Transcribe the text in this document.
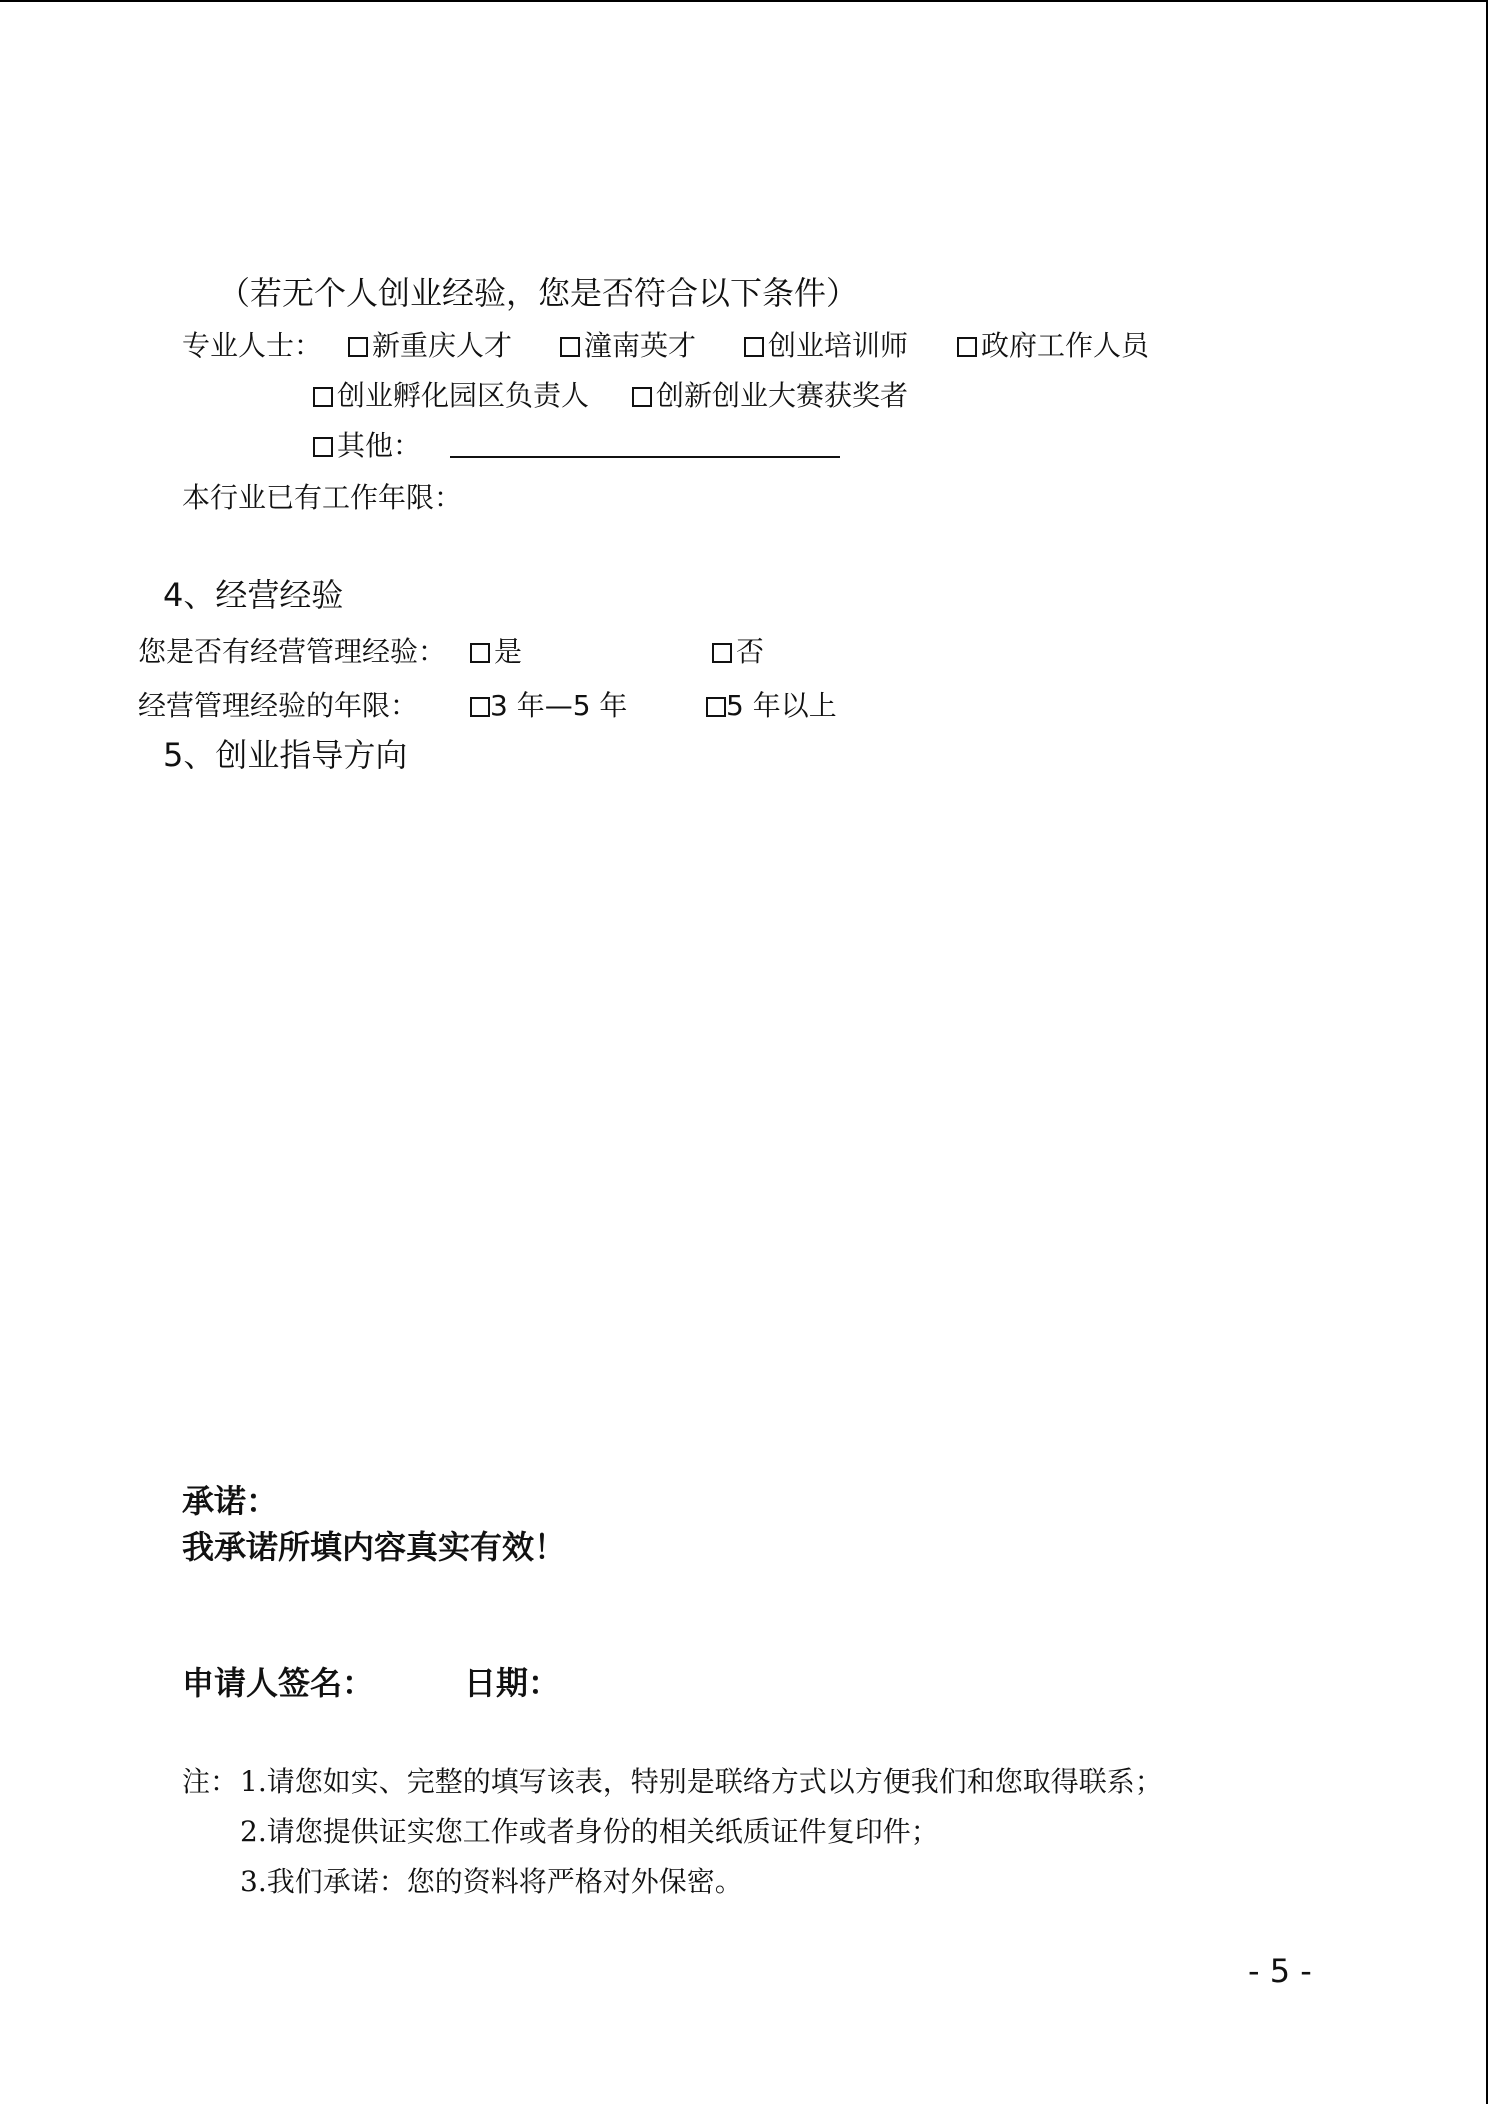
（若无个人创业经验，您是否符合以下条件）
专业人士：	新重庆人才	潼南英才	创业培训师	政府工作人员
创业孵化园区负责人	创新创业大赛获奖者
其他：
本行业已有工作年限：
4、经营经验
您是否有经营管理经验：	是	否
经营管理经验的年限：	3 年—5 年	5 年以上
5、创业指导方向
承诺：
我承诺所填内容真实有效！
申请人签名：	日期：
注： 1.请您如实、完整的填写该表，特别是联络方式以方便我们和您取得联系；
2.请您提供证实您工作或者身份的相关纸质证件复印件；
3.我们承诺：您的资料将严格对外保密。
- 5 -
